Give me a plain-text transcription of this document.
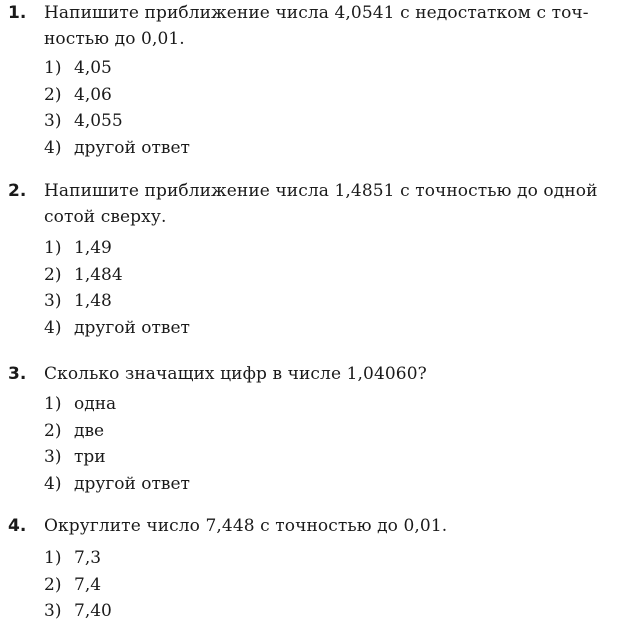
1. Напишите приближение числа 4,0541 с недостатком с точ-
ностью до 0,01.
1) 4,05
2) 4,06
3) 4,055
4) другой ответ
2. Напишите приближение числа 1,4851 с точностью до одной
сотой сверху.
1) 1,49
2) 1,484
3) 1,48
4) другой ответ
3. Сколько значащих цифр в числе 1,04060?
1) одна
2) две
3) три
4) другой ответ
4. Округлите число 7,448 с точностью до 0,01.
1) 7,3
2) 7,4
3) 7,40
